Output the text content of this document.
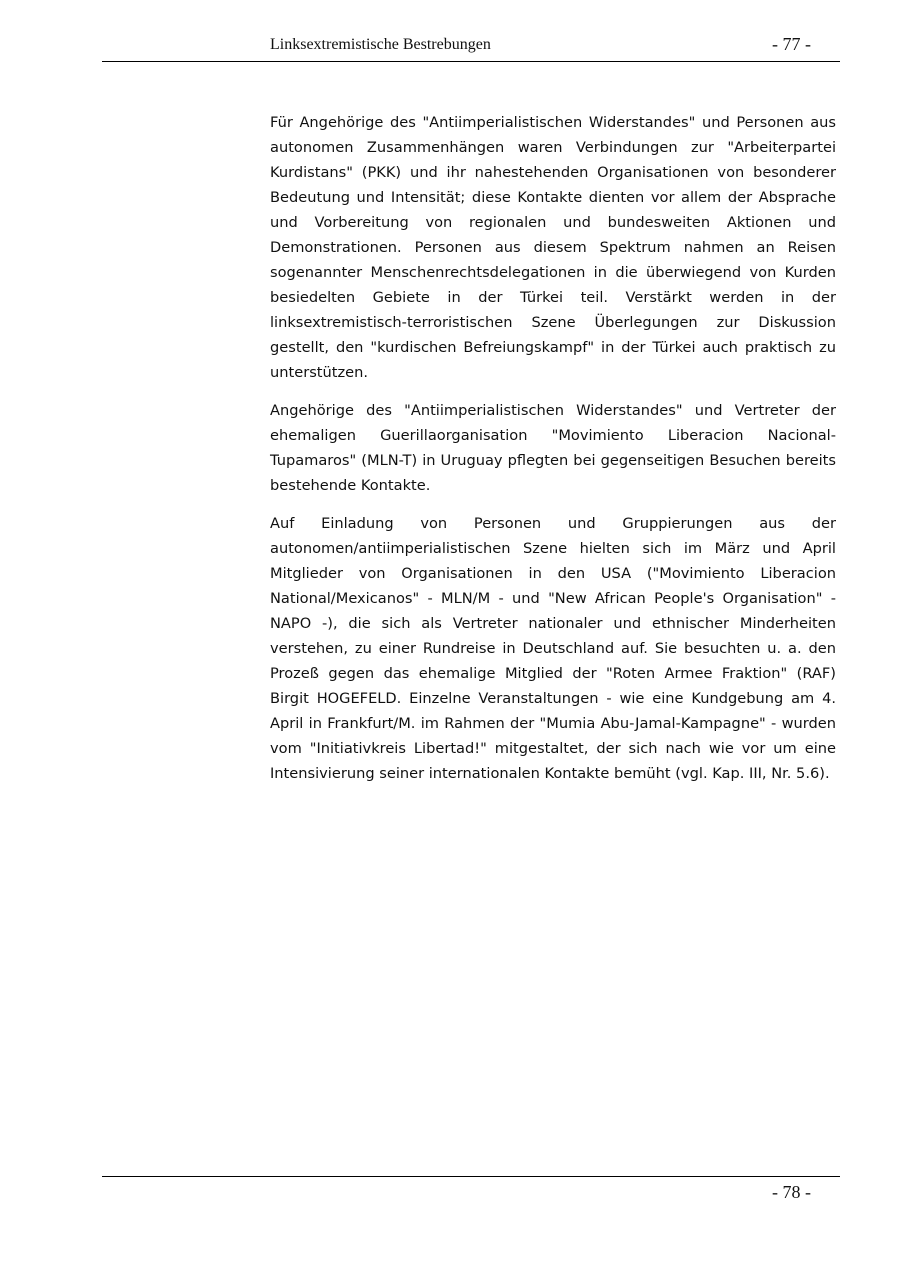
Linksextremistische Bestrebungen	- 77 -

Für Angehörige des "Antiimperialistischen Widerstandes" und Personen aus autonomen Zusammenhängen waren Verbindungen zur "Arbeiterpartei Kurdistans" (PKK) und ihr nahestehenden Organisationen von besonderer Bedeutung und Intensität; diese Kontakte dienten vor allem der Absprache und Vorbereitung von regionalen und bundesweiten Aktionen und Demonstrationen. Personen aus diesem Spektrum nahmen an Reisen sogenannter Menschenrechtsdelegationen in die überwiegend von Kurden besiedelten Gebiete in der Türkei teil. Verstärkt werden in der linksextremistisch-terroristischen Szene Überlegungen zur Diskussion gestellt, den "kurdischen Befreiungskampf" in der Türkei auch praktisch zu unterstützen.

Angehörige des "Antiimperialistischen Widerstandes" und Vertreter der ehemaligen Guerillaorganisation "Movimiento Liberacion Nacional-Tupamaros" (MLN-T) in Uruguay pflegten bei gegenseitigen Besuchen bereits bestehende Kontakte.

Auf Einladung von Personen und Gruppierungen aus der autonomen/antiimperialistischen Szene hielten sich im März und April Mitglieder von Organisationen in den USA ("Movimiento Liberacion National/Mexicanos" - MLN/M - und "New African People's Organisation" - NAPO -), die sich als Vertreter nationaler und ethnischer Minderheiten verstehen, zu einer Rundreise in Deutschland auf. Sie besuchten u. a. den Prozeß gegen das ehemalige Mitglied der "Roten Armee Fraktion" (RAF) Birgit HOGEFELD. Einzelne Veranstaltungen - wie eine Kundgebung am 4. April in Frankfurt/M. im Rahmen der "Mumia Abu-Jamal-Kampagne" - wurden vom "Initiativkreis Libertad!" mitgestaltet, der sich nach wie vor um eine Intensivierung seiner internationalen Kontakte bemüht (vgl. Kap. III, Nr. 5.6).

- 78 -
